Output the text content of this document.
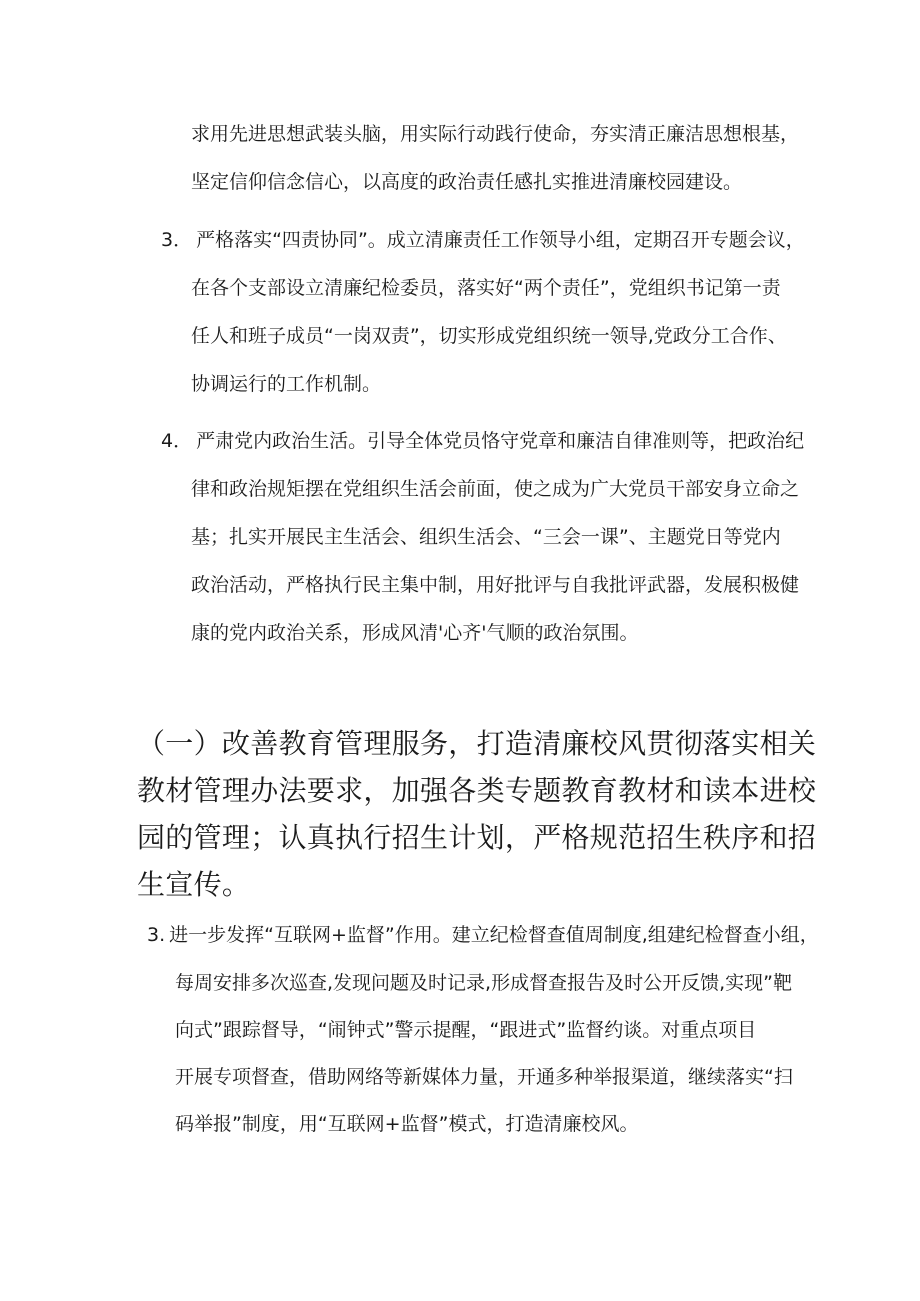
求用先进思想武装头脑，用实际行动践行使命，夯实清正廉洁思想根基，
坚定信仰信念信心，以高度的政治责任感扎实推进清廉校园建设。
3． 严格落实“四责协同”。成立清廉责任工作领导小组，定期召开专题会议，
在各个支部设立清廉纪检委员，落实好“两个责任”，党组织书记第一责
任人和班子成员“一岗双责”，切实形成党组织统一领导,党政分工合作、
协调运行的工作机制。
4． 严肃党内政治生活。引导全体党员恪守党章和廉洁自律准则等，把政治纪
律和政治规矩摆在党组织生活会前面，使之成为广大党员干部安身立命之
基；扎实开展民主生活会、组织生活会、“三会一课”、主题党日等党内
政治活动，严格执行民主集中制，用好批评与自我批评武器，发展积极健
康的党内政治关系，形成风清'心齐'气顺的政治氛围。
（一）改善教育管理服务，打造清廉校风贯彻落实相关
教材管理办法要求，加强各类专题教育教材和读本进校
园的管理；认真执行招生计划，严格规范招生秩序和招
生宣传。
3. 进一步发挥“互联网+监督”作用。建立纪检督查值周制度,组建纪检督查小组，
每周安排多次巡查,发现问题及时记录,形成督查报告及时公开反馈,实现”靶
向式”跟踪督导，“闹钟式”警示提醒，“跟进式”监督约谈。对重点项目
开展专项督查，借助网络等新媒体力量，开通多种举报渠道，继续落实“扫
码举报”制度，用“互联网+监督”模式，打造清廉校风。
